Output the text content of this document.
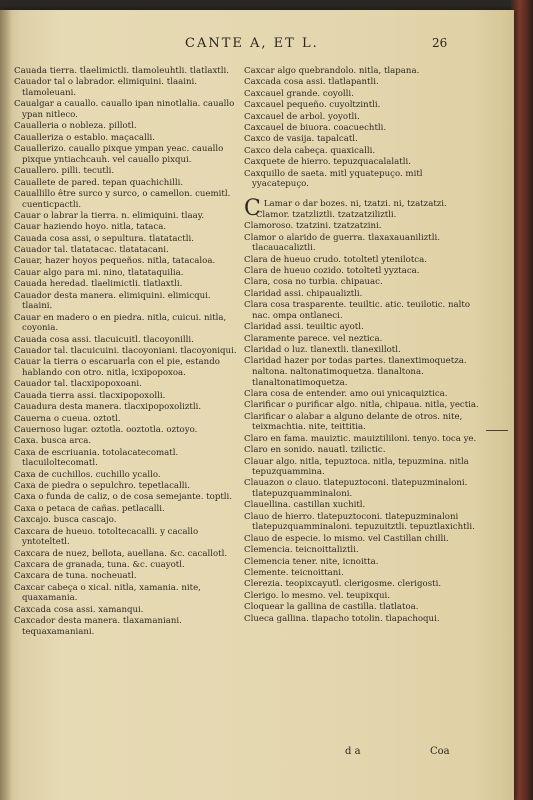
CANTE A, ET L.	26

Cauada tierra. tlaelimictli. tlamoleuhtli. tlatlaxtli.

Cauador tal o labrador. elimiquini. tlaaini. tlamoleuani.

Caualgar a cauallo. cauallo ipan ninotlalia. cauallo ypan nitleco.

Caualleria o nobleza. pillotl.

Caualleriza o establo. maçacalli.

Cauallerizo. cauallo pixque ympan yeac. cauallo pixque yntiachcauh. vel cauallo pixqui.

Cauallero. pilli. tecutli.

Cauallete de pared. tepan quachichilli.

Cauallillo être surco y surco, o camellon. cuemitl. cuenticpactli.

Cauar o labrar la tierra. n. elimiquini. tlaay.

Cauar haziendo hoyo. nitla, tataca.

Cauada cosa assi, o sepultura. tlatatactli.

Cauador tal. tlatatacac. tlatatacani.

Cauar, hazer hoyos pequeños. nitla, tatacaloa.

Cauar algo para mi. nino, tlatataquilia.

Cauada heredad. tlaelimictli. tlatlaxtli.

Cauador desta manera. elimiquini. elimicqui. tlaaini.

Cauar en madero o en piedra. nitla, cuicui. nitla, coyonia.

Cauada cosa assi. tlacuicuitl. tlacoyonilli.

Cauador tal. tlacuicuini. tlacoyoniani. tlacoyoniqui.

Cauar la tierra o escaruarla con el pie, estando hablando con otro. nitla, icxipopoxoa.

Cauador tal. tlacxipopoxoani.

Cauada tierra assi. tlacxipopoxolli.

Cauadura desta manera. tlacxipopoxoliztli.

Cauerna o cueua. oztotl.

Cauernoso lugar. oztotla. ooztotla. oztoyo.

Caxa. busca arca.

Caxa de escriuania. totolacatecomatl. tlacuiloltecomatl.

Caxa de cuchillos. cuchillo ycallo.

Caxa de piedra o sepulchro. tepetlacalli.

Caxa o funda de caliz, o de cosa semejante. toptli.

Caxa o petaca de cañas. petlacalli.

Caxcajo. busca cascajo.

Caxcara de hueuo. totoltecacalli. y cacallo yntoteltetl.

Caxcara de nuez, bellota, auellana. &c. cacallotl.

Caxcara de granada, tuna. &c. cuayotl.

Caxcara de tuna. nocheuatl.

Caxcar cabeça o xical. nitla, xamania. nite, quaxamania.

Caxcada cosa assi. xamanqui.

Caxcador desta manera. tlaxamaniani. tequaxamaniani.

Caxcar algo quebrandolo. nitla, tlapana.

Caxcada cosa assi. tlatlapantli.

Caxcauel grande. coyolli.

Caxcauel pequeño. cuyoltzintli.

Caxcauel de arbol. yoyotli.

Caxcauel de biuora. coacuechtli.

Caxco de vasija. tapalcatl.

Caxco dela cabeça. quaxicalli.

Caxquete de hierro. tepuzquacalalatli.

Caxquillo de saeta. mitl yquatepuço. mitl yyacatepuço.

C Lamar o dar bozes. ni, tzatzi. ni, tzatzatzi.

Clamor. tzatzliztli. tzatzatziliztli.

Clamoroso. tzatzini. tzatzatzini.

Clamor o alarido de guerra. tlaxaxauaniliztli. tlacauacaliztli.

Clara de hueuo crudo. totoltetl ytenilotca.

Clara de hueuo cozido. totoltetl yyztaca.

Clara, cosa no turbia. chipauac.

Claridad assi. chipaualiztli.

Clara cosa trasparente. teuiltic. atic. teuilotic. nalto nac. ompa ontlaneci.

Claridad assi. teuiltic ayotl.

Claramente parece. vel neztica.

Claridad o luz. tlanextli. tlanexillotl.

Claridad hazer por todas partes. tlanextimoquetza. naltona. naltonatimoquetza. tlanaltona. tlanaltonatimoquetza.

Clara cosa de entender. amo oui ynicaquiztica.

Clarificar o purificar algo. nitla, chipaua. nitla, yectia.

Clarificar o alabar a alguno delante de otros. nite, teixmachtia. nite, teittitia.

Claro en fama. mauiztic. mauiztililoni. tenyo. toca ye.

Claro en sonido. nauatl. tzilictic.

Clauar algo. nitla, tepuztoca. nitla, tepuzmina. nitla tepuzquammina.

Clauazon o clauo. tlatepuztoconi. tlatepuzminaloni. tlatepuzquamminaloni.

Clauellina. castillan xuchitl.

Clauo de hierro. tlatepuztoconi. tlatepuzminaloni tlatepuzquamminaloni. tepuzuitztli. tepuztlaxichtli.

Clauo de especie. lo mismo. vel Castillan chilli.

Clemencia. teicnoittaliztli.

Clemencia tener. nite, icnoitta.

Clemente. teicnoittani.

Clerezia. teopixcayutl. clerigosme. clerigosti.

Clerigo. lo mesmo. vel. teupixqui.

Cloquear la gallina de castilla. tlatlatoa.

Clueca gallina. tlapacho totolin. tlapachoqui.

d a	Coa
